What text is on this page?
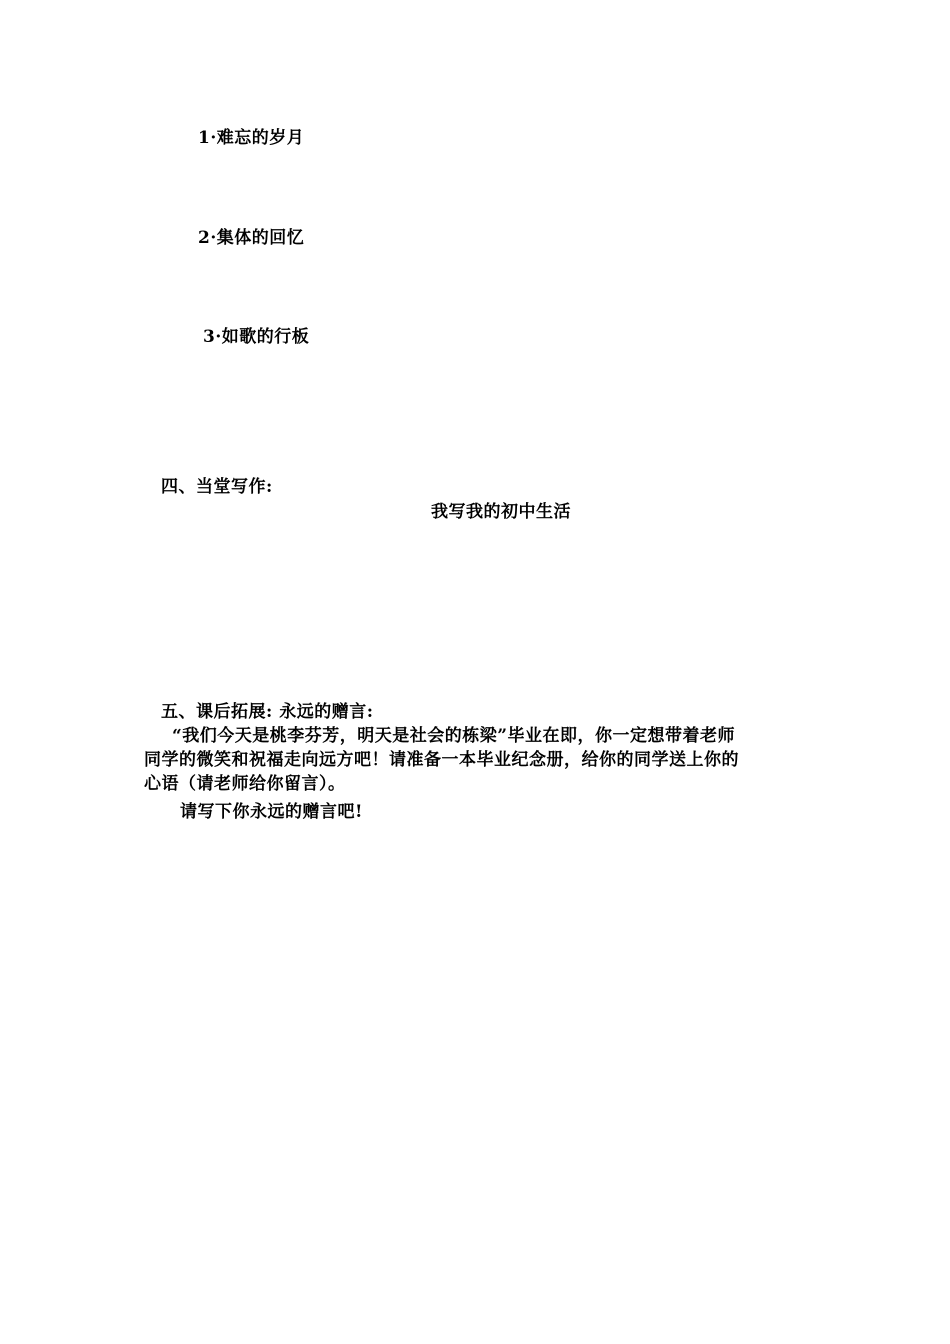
1·难忘的岁月
2·集体的回忆
3·如歌的行板
四、当堂写作:
我写我的初中生活
五、课后拓展: 永远的赠言:
“我们今天是桃李芬芳，明天是社会的栋梁”毕业在即，你一定想带着老师
同学的微笑和祝福走向远方吧！请准备一本毕业纪念册，给你的同学送上你的
心语（请老师给你留言）。
请写下你永远的赠言吧!
